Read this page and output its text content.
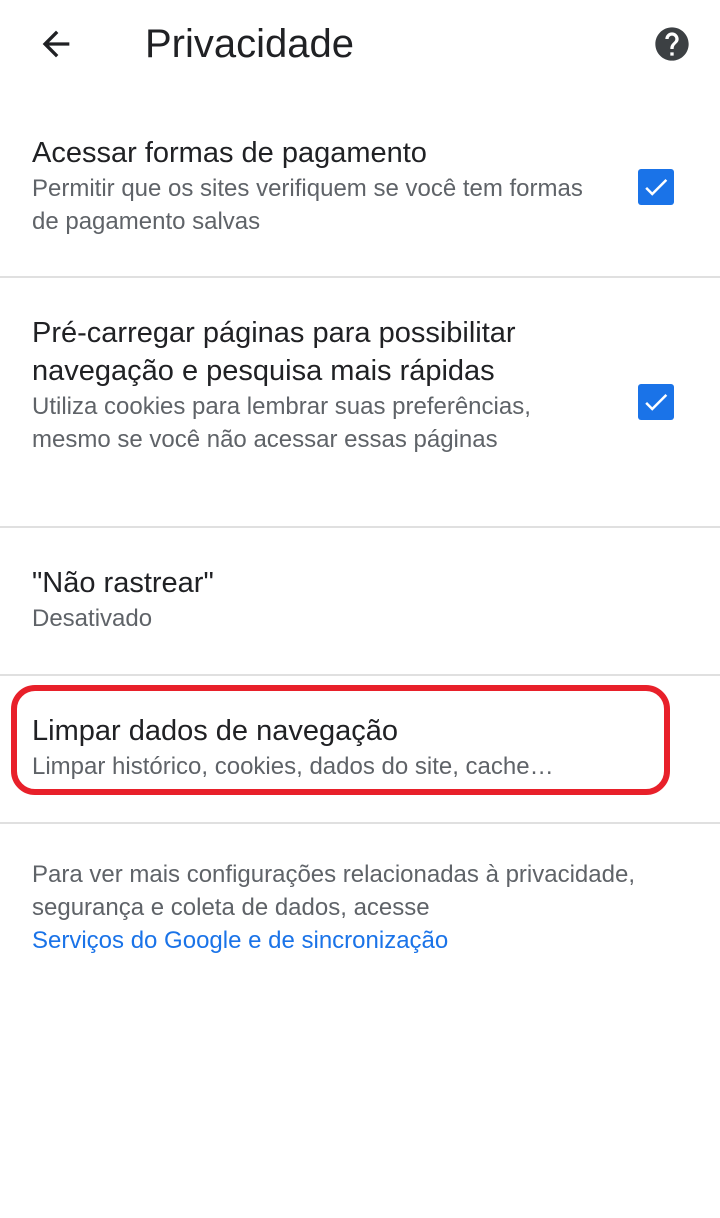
Privacidade
Acessar formas de pagamento
Permitir que os sites verifiquem se você tem formas de pagamento salvas
Pré-carregar páginas para possibilitar navegação e pesquisa mais rápidas
Utiliza cookies para lembrar suas preferências, mesmo se você não acessar essas páginas
"Não rastrear"
Desativado
Limpar dados de navegação
Limpar histórico, cookies, dados do site, cache…
Para ver mais configurações relacionadas à privacidade, segurança e coleta de dados, acesse
Serviços do Google e de sincronização
